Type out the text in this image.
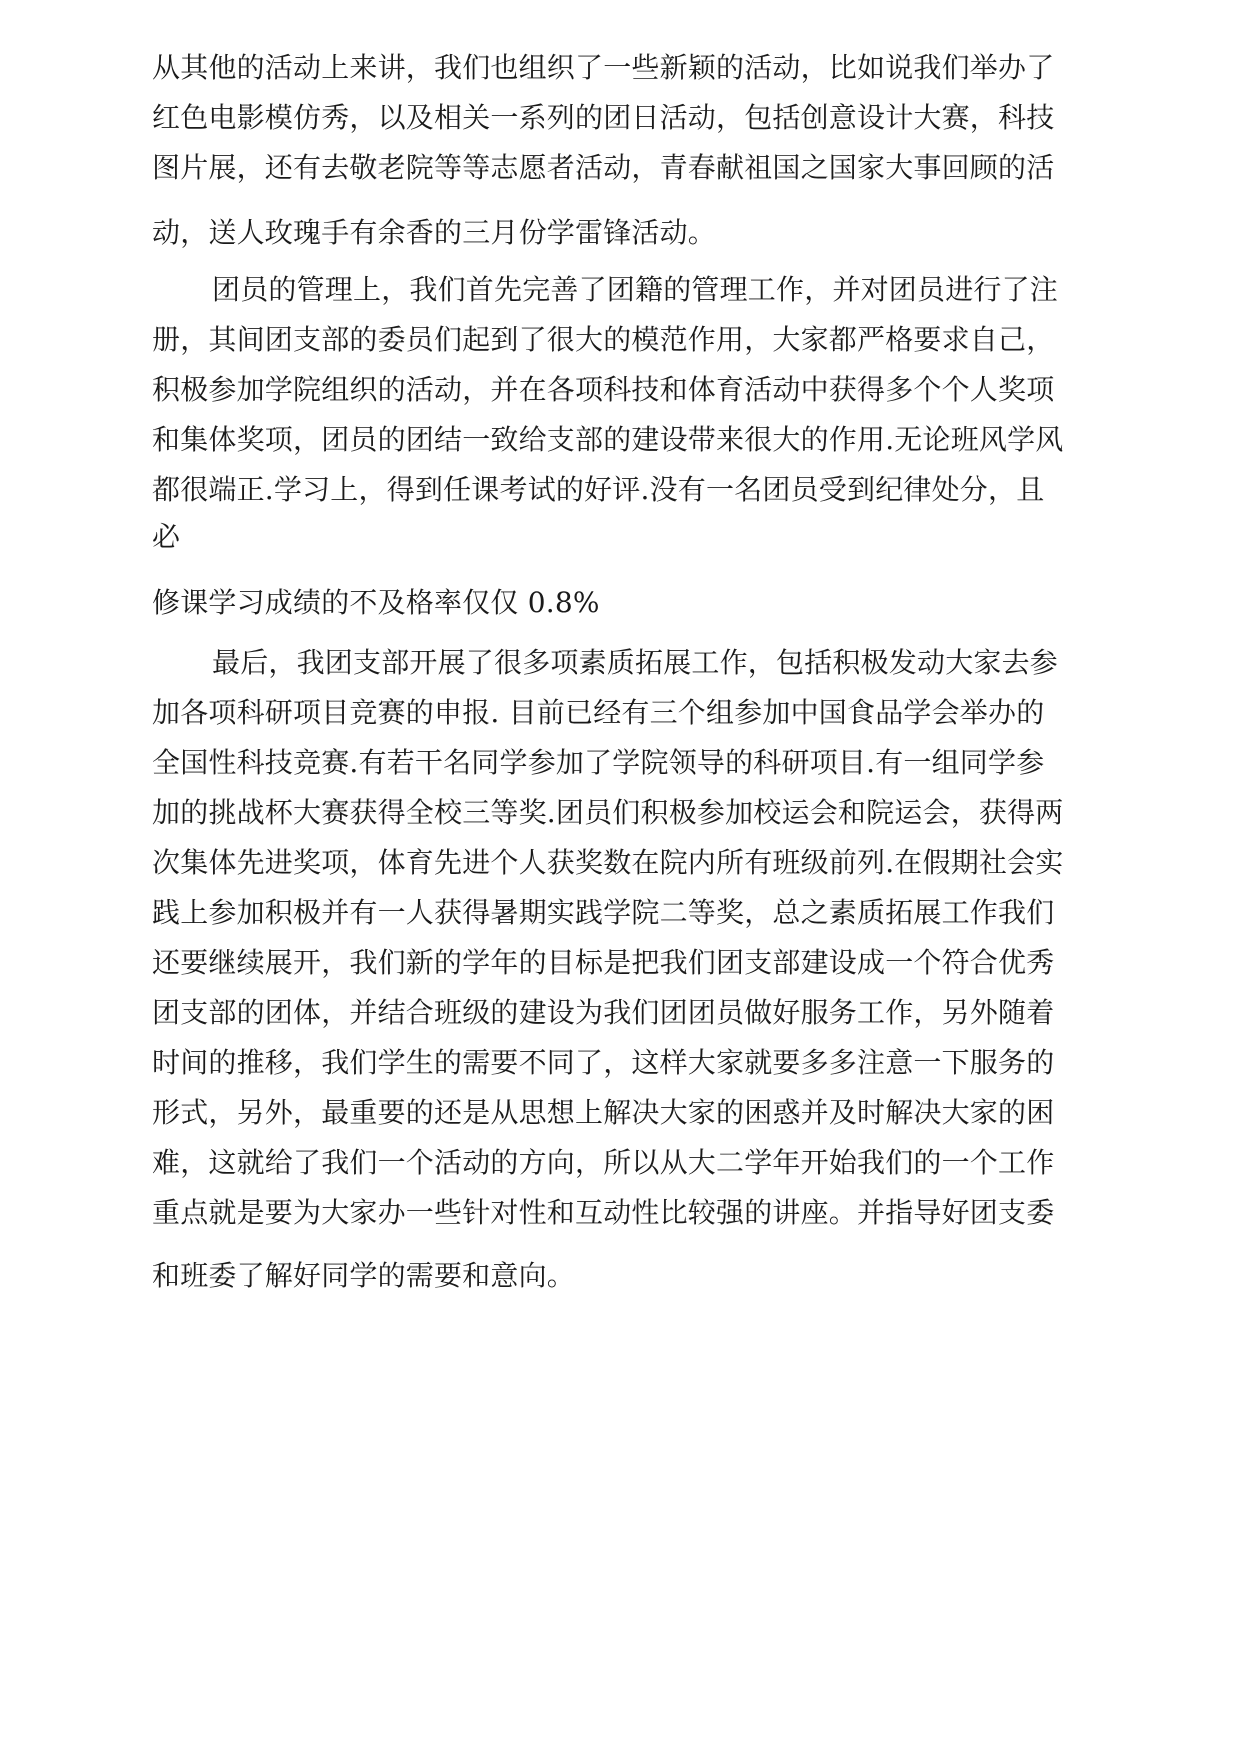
从其他的活动上来讲，我们也组织了一些新颖的活动，比如说我们举办了
红色电影模仿秀，以及相关一系列的团日活动，包括创意设计大赛，科技
图片展，还有去敬老院等等志愿者活动，青春献祖国之国家大事回顾的活
动，送人玫瑰手有余香的三月份学雷锋活动。
团员的管理上，我们首先完善了团籍的管理工作，并对团员进行了注
册，其间团支部的委员们起到了很大的模范作用，大家都严格要求自己，
积极参加学院组织的活动，并在各项科技和体育活动中获得多个个人奖项
和集体奖项，团员的团结一致给支部的建设带来很大的作用.无论班风学风
都很端正.学习上，得到任课考试的好评.没有一名团员受到纪律处分，且
必
修课学习成绩的不及格率仅仅 0.8%
最后，我团支部开展了很多项素质拓展工作，包括积极发动大家去参
加各项科研项目竞赛的申报. 目前已经有三个组参加中国食品学会举办的
全国性科技竞赛.有若干名同学参加了学院领导的科研项目.有一组同学参
加的挑战杯大赛获得全校三等奖.团员们积极参加校运会和院运会，获得两
次集体先进奖项，体育先进个人获奖数在院内所有班级前列.在假期社会实
践上参加积极并有一人获得暑期实践学院二等奖，总之素质拓展工作我们
还要继续展开，我们新的学年的目标是把我们团支部建设成一个符合优秀
团支部的团体，并结合班级的建设为我们团团员做好服务工作，另外随着
时间的推移，我们学生的需要不同了，这样大家就要多多注意一下服务的
形式，另外，最重要的还是从思想上解决大家的困惑并及时解决大家的困
难，这就给了我们一个活动的方向，所以从大二学年开始我们的一个工作
重点就是要为大家办一些针对性和互动性比较强的讲座。并指导好团支委
和班委了解好同学的需要和意向。
